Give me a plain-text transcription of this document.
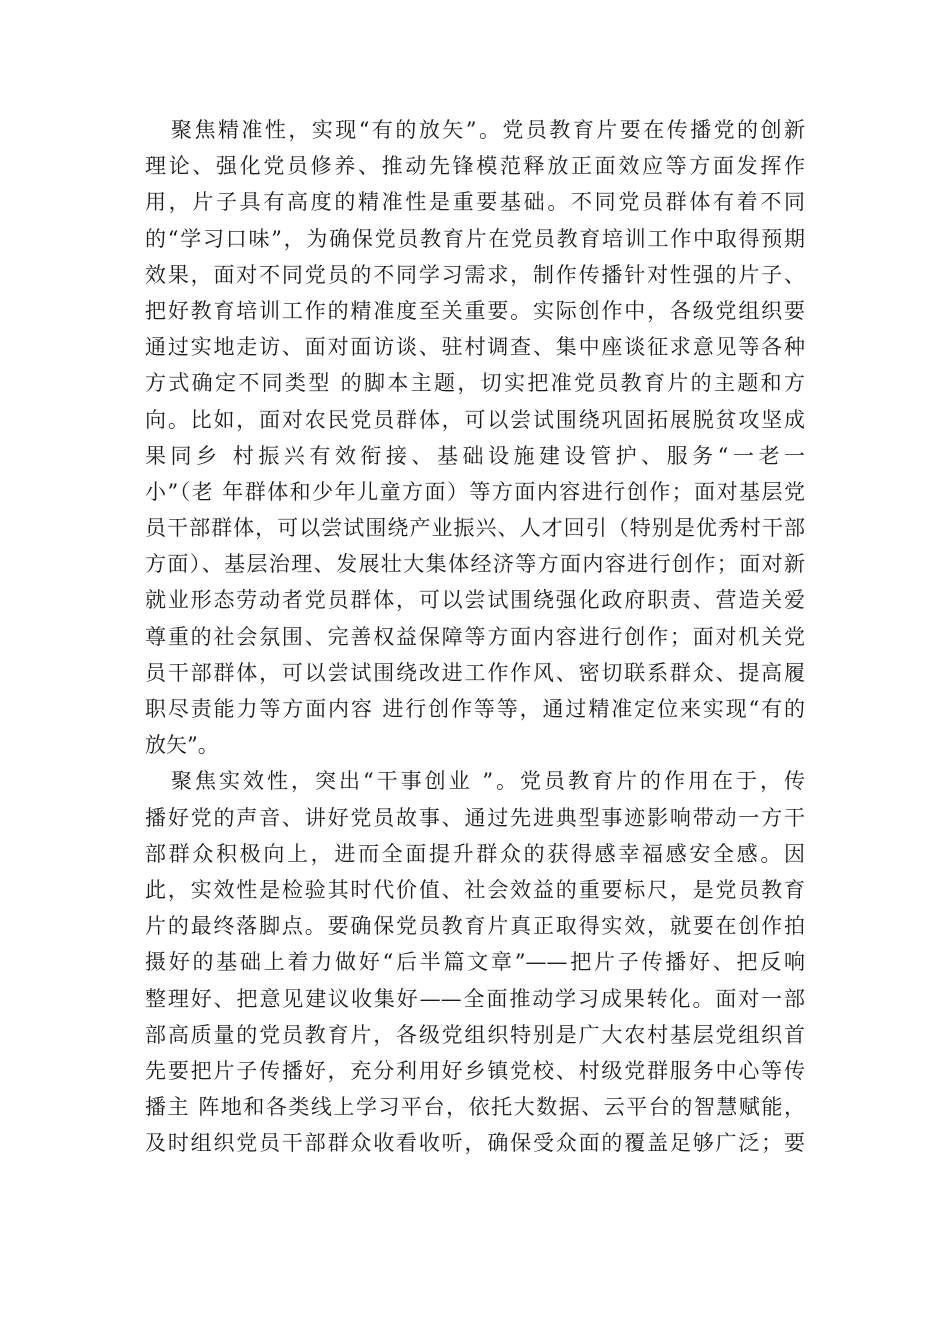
聚焦精准性，实现“有的放矢”。党员教育片要在传播党的创新
理论、强化党员修养、推动先锋模范释放正面效应等方面发挥作
用，片子具有高度的精准性是重要基础。不同党员群体有着不同
的“学习口味”，为确保党员教育片在党员教育培训工作中取得预期
效果，面对不同党员的不同学习需求，制作传播针对性强的片子、
把好教育培训工作的精准度至关重要。实际创作中，各级党组织要
通过实地走访、面对面访谈、驻村调查、集中座谈征求意见等各种
方式确定不同类型 的脚本主题，切实把准党员教育片的主题和方
向。比如，面对农民党员群体，可以尝试围绕巩固拓展脱贫攻坚成
果同乡 村振兴有效衔接、基础设施建设管护、服务“一老一
小”（老 年群体和少年儿童方面）等方面内容进行创作；面对基层党
员干部群体，可以尝试围绕产业振兴、人才回引（特别是优秀村干部
方面）、基层治理、发展壮大集体经济等方面内容进行创作；面对新
就业形态劳动者党员群体，可以尝试围绕强化政府职责、营造关爱
尊重的社会氛围、完善权益保障等方面内容进行创作；面对机关党
员干部群体，可以尝试围绕改进工作作风、密切联系群众、提高履
职尽责能力等方面内容 进行创作等等，通过精准定位来实现“有的
放矢”。
聚焦实效性，突出“干事创业 ”。党员教育片的作用在于，传
播好党的声音、讲好党员故事、通过先进典型事迹影响带动一方干
部群众积极向上，进而全面提升群众的获得感幸福感安全感。因
此，实效性是检验其时代价值、社会效益的重要标尺，是党员教育
片的最终落脚点。要确保党员教育片真正取得实效，就要在创作拍
摄好的基础上着力做好“后半篇文章”——把片子传播好、把反响
整理好、把意见建议收集好——全面推动学习成果转化。面对一部
部高质量的党员教育片，各级党组织特别是广大农村基层党组织首
先要把片子传播好，充分利用好乡镇党校、村级党群服务中心等传
播主 阵地和各类线上学习平台，依托大数据、云平台的智慧赋能，
及时组织党员干部群众收看收听，确保受众面的覆盖足够广泛；要
